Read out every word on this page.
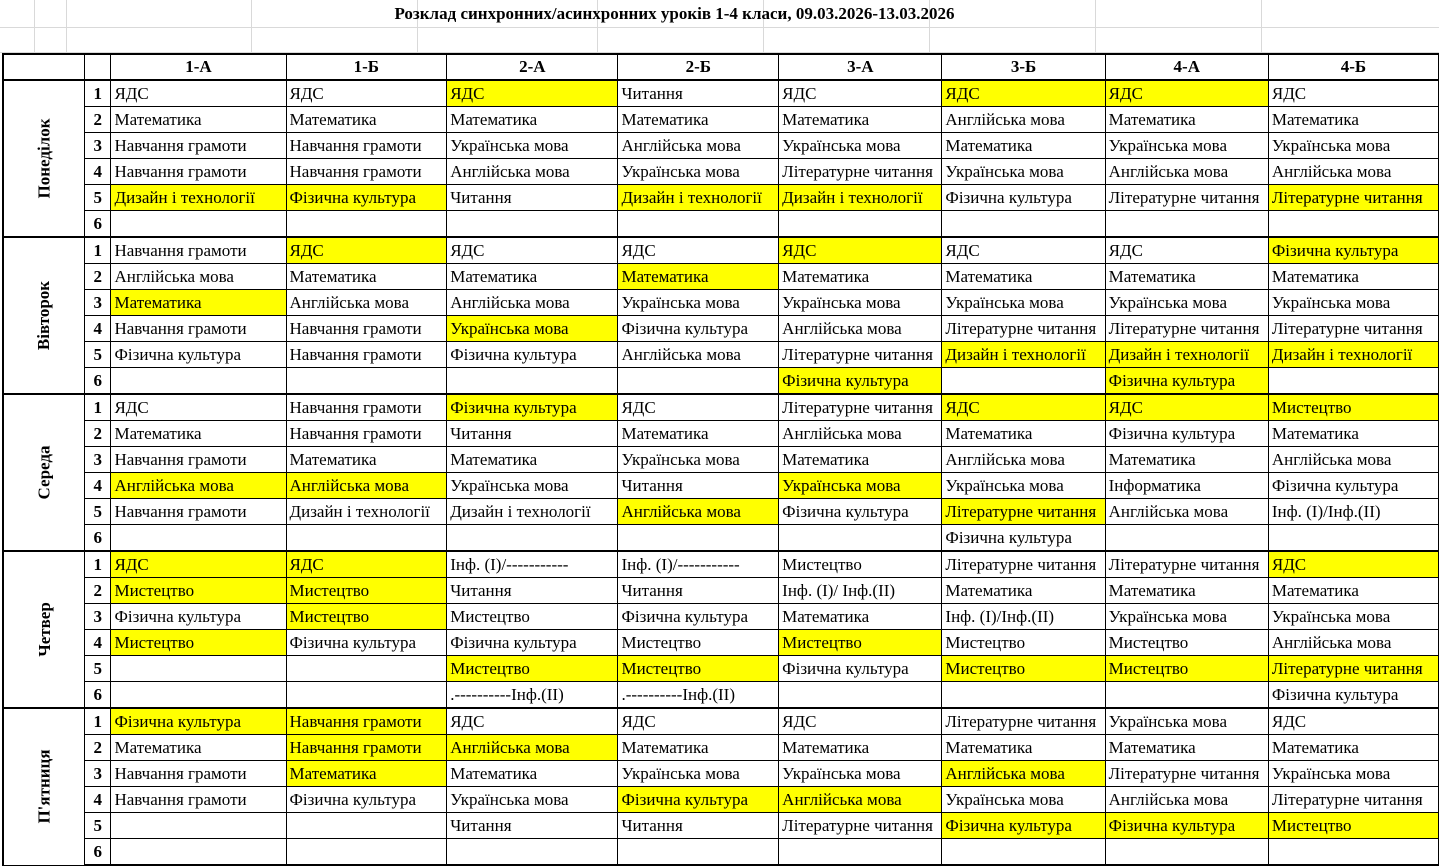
Розклад синхронних/асинхронних уроків 1-4 класи, 09.03.2026-13.03.2026
		1-А	1-Б	2-А	2-Б	3-А	3-Б	4-А	4-Б
Понеділок	1	ЯДС	ЯДС	ЯДС	Читання	ЯДС	ЯДС	ЯДС	ЯДС
	2	Математика	Математика	Математика	Математика	Математика	Англійська мова	Математика	Математика
	3	Навчання грамоти	Навчання грамоти	Українська мова	Англійська мова	Українська мова	Математика	Українська мова	Українська мова
	4	Навчання грамоти	Навчання грамоти	Англійська мова	Українська мова	Літературне читання	Українська мова	Англійська мова	Англійська мова
	5	Дизайн і технології	Фізична культура	Читання	Дизайн і технології	Дизайн і технології	Фізична культура	Літературне читання	Літературне читання
	6								
Вівторок	1	Навчання грамоти	ЯДС	ЯДС	ЯДС	ЯДС	ЯДС	ЯДС	Фізична культура
	2	Англійська мова	Математика	Математика	Математика	Математика	Математика	Математика	Математика
	3	Математика	Англійська мова	Англійська мова	Українська мова	Українська мова	Українська мова	Українська мова	Українська мова
	4	Навчання грамоти	Навчання грамоти	Українська мова	Фізична культура	Англійська мова	Літературне читання	Літературне читання	Літературне читання
	5	Фізична культура	Навчання грамоти	Фізична культура	Англійська мова	Літературне читання	Дизайн і технології	Дизайн і технології	Дизайн і технології
	6					Фізична культура		Фізична культура	
Середа	1	ЯДС	Навчання грамоти	Фізична культура	ЯДС	Літературне читання	ЯДС	ЯДС	Мистецтво
	2	Математика	Навчання грамоти	Читання	Математика	Англійська мова	Математика	Фізична культура	Математика
	3	Навчання грамоти	Математика	Математика	Українська мова	Математика	Англійська мова	Математика	Англійська мова
	4	Англійська мова	Англійська мова	Українська мова	Читання	Українська мова	Українська мова	Інформатика	Фізична культура
	5	Навчання грамоти	Дизайн і технології	Дизайн і технології	Англійська мова	Фізична культура	Літературне читання	Англійська мова	Інф. (І)/Інф.(ІІ)
	6						Фізична культура		
Четвер	1	ЯДС	ЯДС	Інф. (І)/-----------	Інф. (І)/-----------	Мистецтво	Літературне читання	Літературне читання	ЯДС
	2	Мистецтво	Мистецтво	Читання	Читання	Інф. (І)/ Інф.(ІІ)	Математика	Математика	Математика
	3	Фізична культура	Мистецтво	Мистецтво	Фізична культура	Математика	Інф. (І)/Інф.(ІІ)	Українська мова	Українська мова
	4	Мистецтво	Фізична культура	Фізична культура	Мистецтво	Мистецтво	Мистецтво	Мистецтво	Англійська мова
	5			Мистецтво	Мистецтво	Фізична культура	Мистецтво	Мистецтво	Літературне читання
	6			.----------Інф.(ІІ)	.----------Інф.(ІІ)				Фізична культура
П'ятниця	1	Фізична культура	Навчання грамоти	ЯДС	ЯДС	ЯДС	Літературне читання	Українська мова	ЯДС
	2	Математика	Навчання грамоти	Англійська мова	Математика	Математика	Математика	Математика	Математика
	3	Навчання грамоти	Математика	Математика	Українська мова	Українська мова	Англійська мова	Літературне читання	Українська мова
	4	Навчання грамоти	Фізична культура	Українська мова	Фізична культура	Англійська мова	Українська мова	Англійська мова	Літературне читання
	5			Читання	Читання	Літературне читання	Фізична культура	Фізична культура	Мистецтво
	6								
